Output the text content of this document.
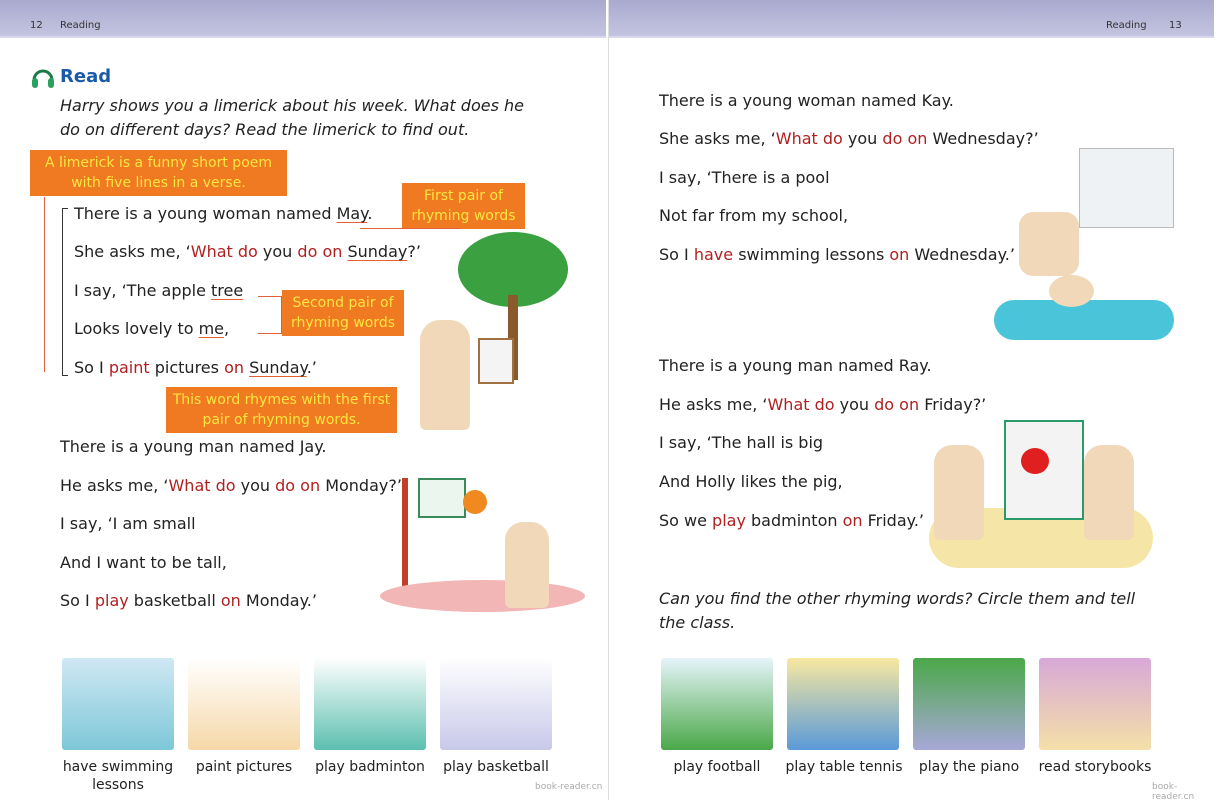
12 Reading
Read
Harry shows you a limerick about his week. What does he do on different days? Read the limerick to find out.
A limerick is a funny short poem with five lines in a verse.
First pair of rhyming words
Second pair of rhyming words
This word rhymes with the first pair of rhyming words.
There is a young woman named May.
She asks me, ‘What do you do on Sunday?’
I say, ‘The apple tree
Looks lovely to me,
So I paint pictures on Sunday.’
There is a young man named Jay.
He asks me, ‘What do you do on Monday?’
I say, ‘I am small
And I want to be tall,
So I play basketball on Monday.’
have swimming lessons
paint pictures	play badminton	play basketball
book-reader.cn
Reading 13
There is a young woman named Kay.
She asks me, ‘What do you do on Wednesday?’
I say, ‘There is a pool
Not far from my school,
So I have swimming lessons on Wednesday.’
There is a young man named Ray.
He asks me, ‘What do you do on Friday?’
I say, ‘The hall is big
And Holly likes the pig,
So we play badminton on Friday.’
Can you find the other rhyming words? Circle them and tell the class.
play football	play table tennis	play the piano	read storybooks
book-reader.cn
